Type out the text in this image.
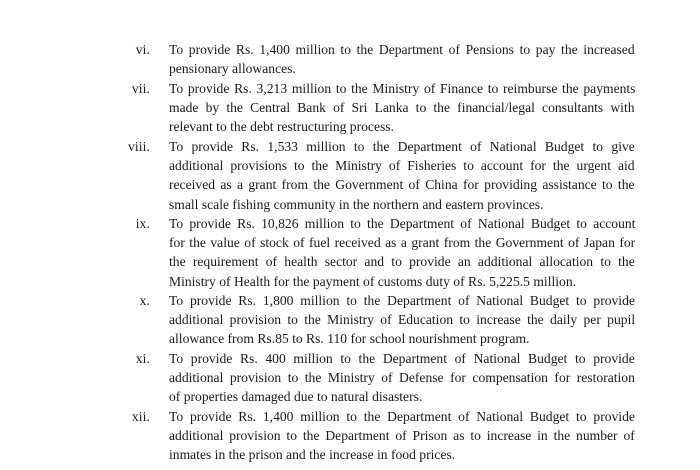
vi. To provide Rs. 1,400 million to the Department of Pensions to pay the increased
pensionary allowances.
vii. To provide Rs. 3,213 million to the Ministry of Finance to reimburse the payments
made by the Central Bank of Sri Lanka to the financial/legal consultants with
relevant to the debt restructuring process.
viii. To provide Rs. 1,533 million to the Department of National Budget to give
additional provisions to the Ministry of Fisheries to account for the urgent aid
received as a grant from the Government of China for providing assistance to the
small scale fishing community in the northern and eastern provinces.
ix. To provide Rs. 10,826 million to the Department of National Budget to account
for the value of stock of fuel received as a grant from the Government of Japan for
the requirement of health sector and to provide an additional allocation to the
Ministry of Health for the payment of customs duty of Rs. 5,225.5 million.
x. To provide Rs. 1,800 million to the Department of National Budget to provide
additional provision to the Ministry of Education to increase the daily per pupil
allowance from Rs.85 to Rs. 110 for school nourishment program.
xi. To provide Rs. 400 million to the Department of National Budget to provide
additional provision to the Ministry of Defense for compensation for restoration
of properties damaged due to natural disasters.
xii. To provide Rs. 1,400 million to the Department of National Budget to provide
additional provision to the Department of Prison as to increase in the number of
inmates in the prison and the increase in food prices.
